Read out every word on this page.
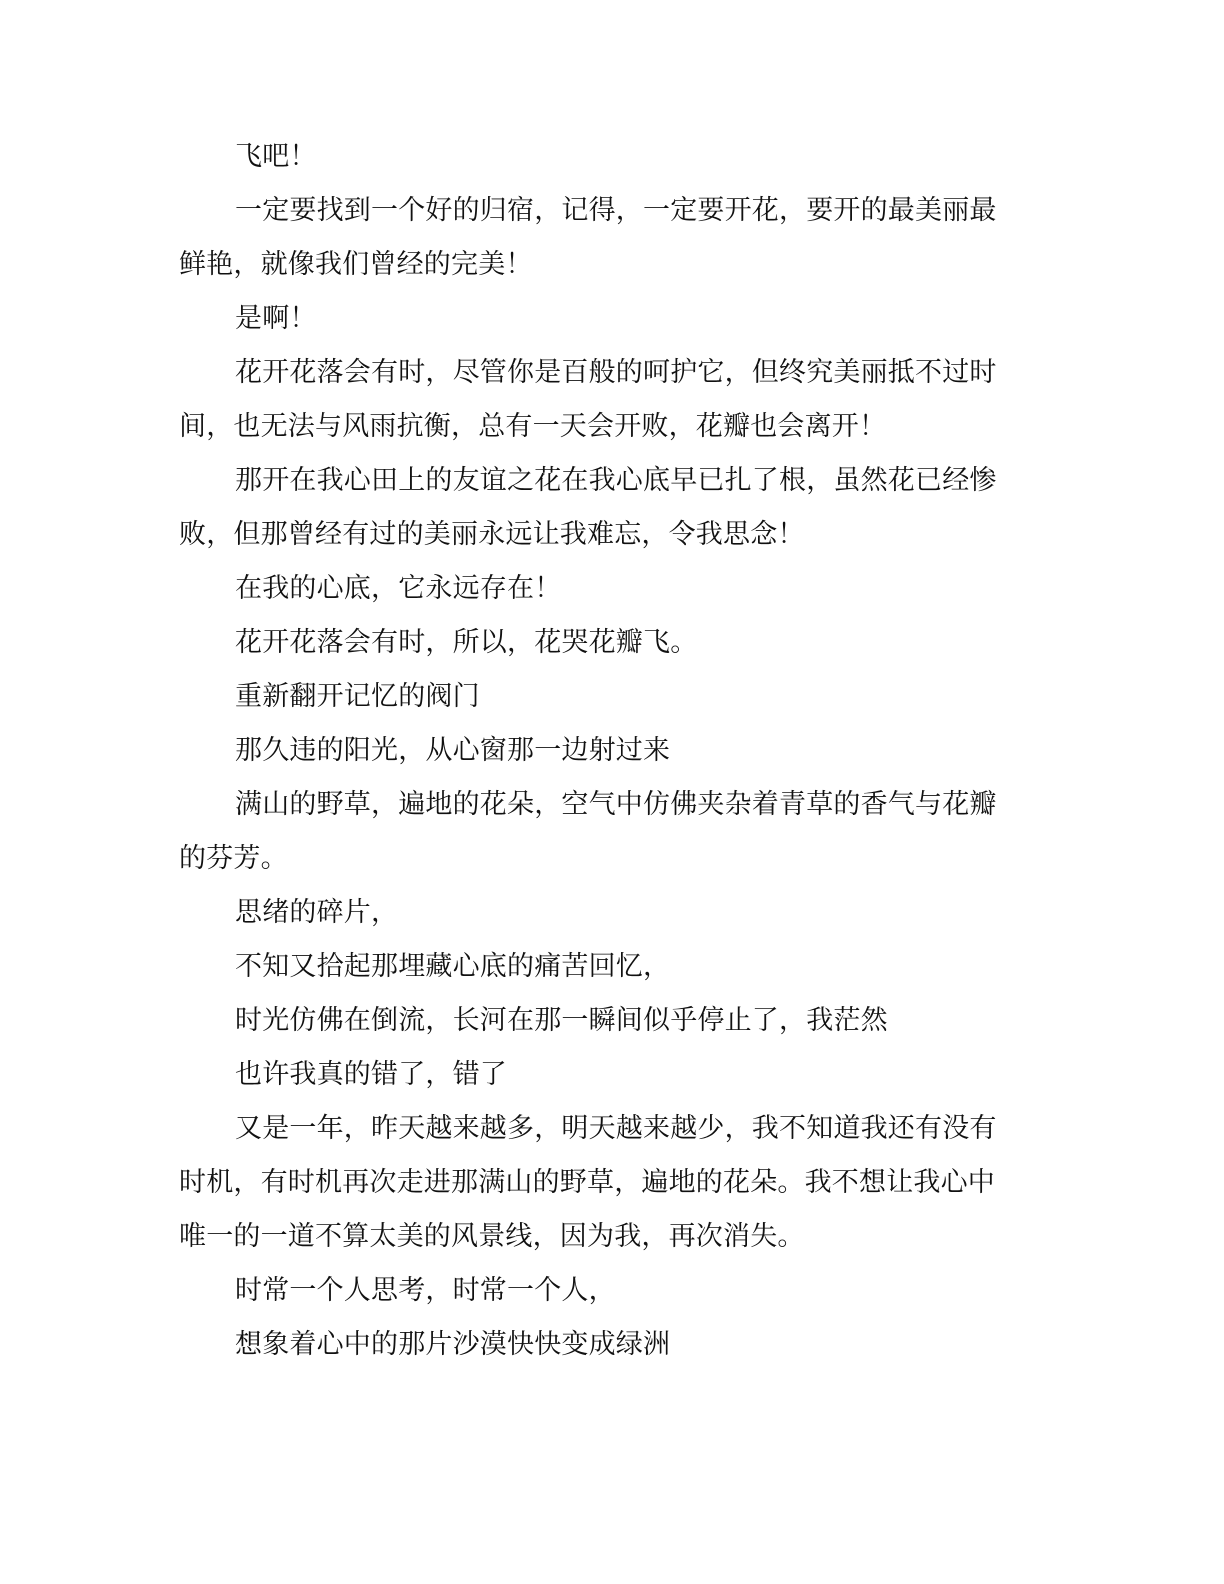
飞吧！

一定要找到一个好的归宿，记得，一定要开花，要开的最美丽最鲜艳，就像我们曾经的完美！

是啊！

花开花落会有时，尽管你是百般的呵护它，但终究美丽抵不过时间，也无法与风雨抗衡，总有一天会开败，花瓣也会离开！

那开在我心田上的友谊之花在我心底早已扎了根，虽然花已经惨败，但那曾经有过的美丽永远让我难忘，令我思念！

在我的心底，它永远存在！

花开花落会有时，所以，花哭花瓣飞。

重新翻开记忆的阀门

那久违的阳光，从心窗那一边射过来

满山的野草，遍地的花朵，空气中仿佛夹杂着青草的香气与花瓣的芬芳。

思绪的碎片，

不知又拾起那埋藏心底的痛苦回忆，

时光仿佛在倒流，长河在那一瞬间似乎停止了，我茫然

也许我真的错了，错了

又是一年，昨天越来越多，明天越来越少，我不知道我还有没有时机，有时机再次走进那满山的野草，遍地的花朵。我不想让我心中唯一的一道不算太美的风景线，因为我，再次消失。

时常一个人思考，时常一个人，

想象着心中的那片沙漠快快变成绿洲
